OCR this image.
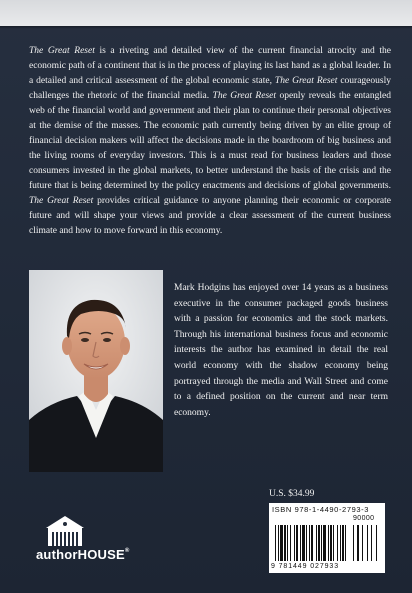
The Great Reset is a riveting and detailed view of the current financial atrocity and the economic path of a continent that is in the process of playing its last hand as a global leader. In a detailed and critical assessment of the global economic state, The Great Reset courageously challenges the rhetoric of the financial media. The Great Reset openly reveals the entangled web of the financial world and government and their plan to continue their personal objectives at the demise of the masses. The economic path currently being driven by an elite group of financial decision makers will affect the decisions made in the boardroom of big business and the living rooms of everyday investors. This is a must read for business leaders and those consumers invested in the global markets, to better understand the basis of the crisis and the future that is being determined by the policy enactments and decisions of global governments. The Great Reset provides critical guidance to anyone planning their economic or corporate future and will shape your views and provide a clear assessment of the current business climate and how to move forward in this economy.

Mark Hodgins has enjoyed over 14 years as a business executive in the consumer packaged goods business with a passion for economics and the stock markets. Through his international business focus and economic interests the author has examined in detail the real world economy with the shadow economy being portrayed through the media and Wall Street and come to a defined position on the current and near term economy.

authorHOUSE®
U.S. $34.99
ISBN 978-1-4490-2793-3
90000
9 781449 027933
